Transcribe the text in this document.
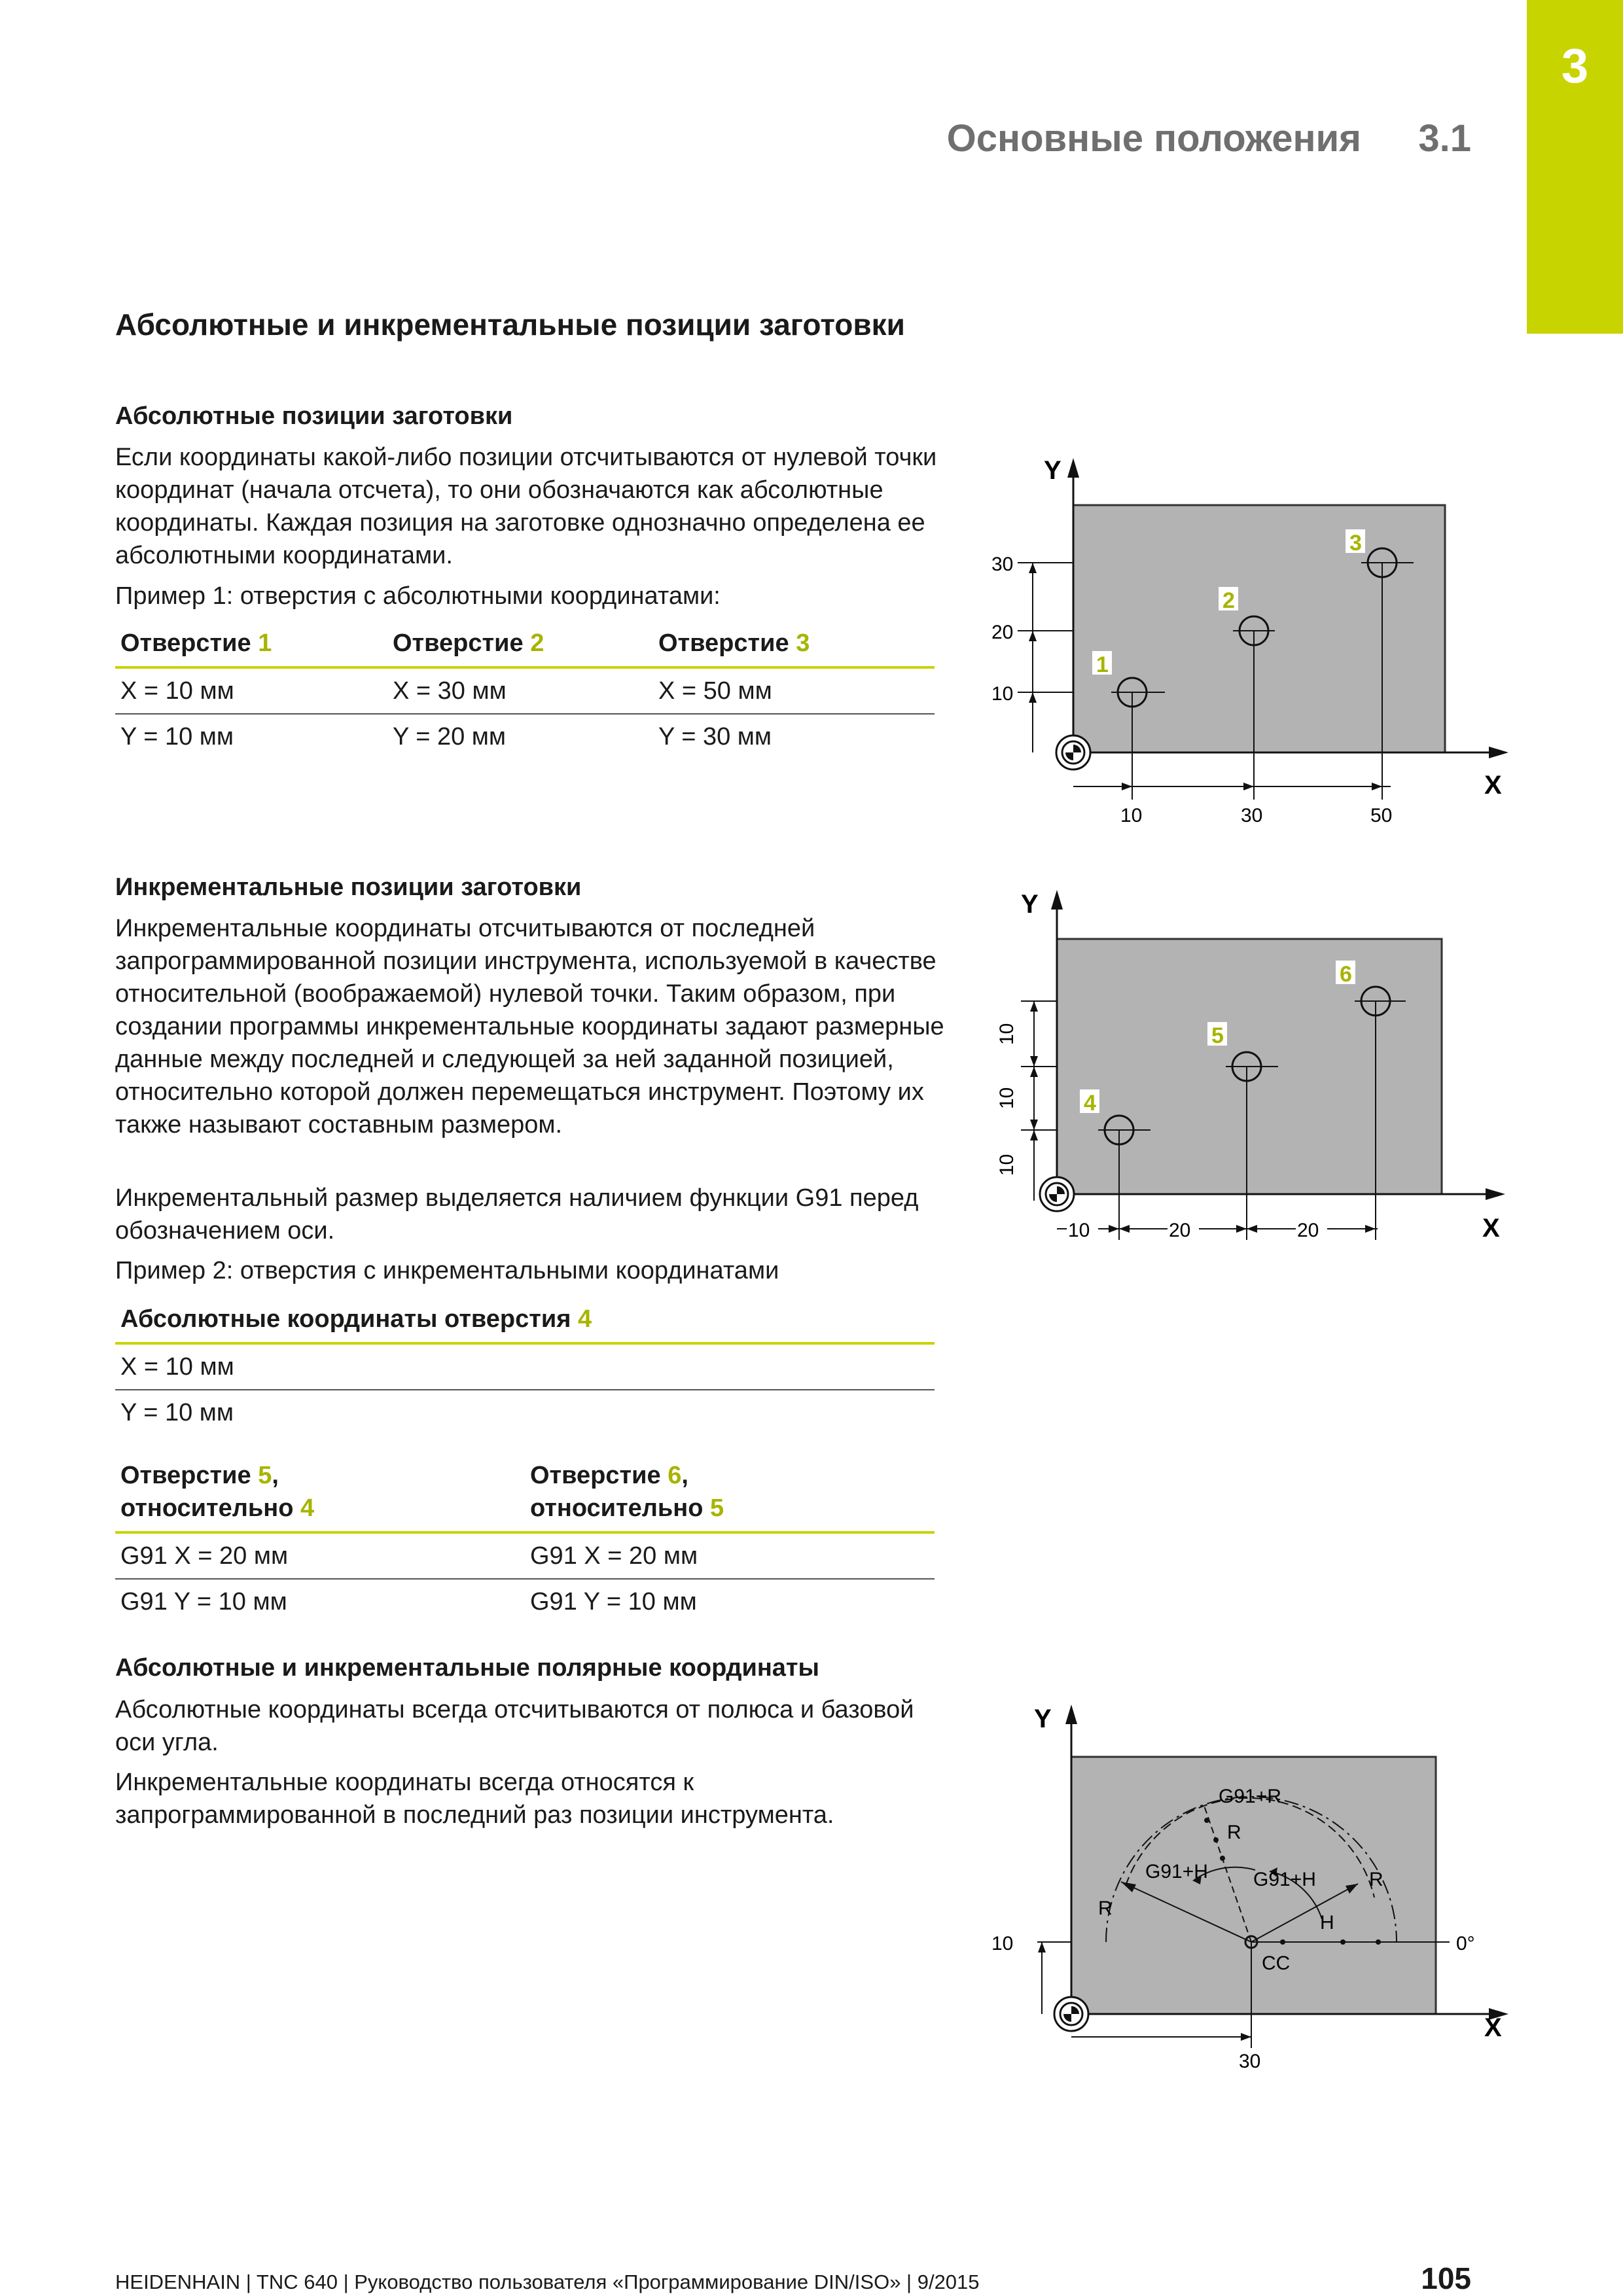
3
Основные положения 3.1
Абсолютные и инкрементальные позиции заготовки
Абсолютные позиции заготовки
Если координаты какой-либо позиции отсчитываются от нулевой точки координат (начала отсчета), то они обозначаются как абсолютные координаты. Каждая позиция на заготовке однозначно определена ее абсолютными координатами.
Пример 1: отверстия с абсолютными координатами:
Отверстие 1	Отверстие 2	Отверстие 3
X = 10 мм	X = 30 мм	X = 50 мм
Y = 10 мм	Y = 20 мм	Y = 30 мм
Инкрементальные позиции заготовки
Инкрементальные координаты отсчитываются от последней запрограммированной позиции инструмента, используемой в качестве относительной (воображаемой) нулевой точки. Таким образом, при создании программы инкрементальные координаты задают размерные данные между последней и следующей за ней заданной позицией, относительно которой должен перемещаться инструмент. Поэтому их также называют составным размером.
Инкрементальный размер выделяется наличием функции G91 перед обозначением оси.
Пример 2: отверстия с инкрементальными координатами
Абсолютные координаты отверстия 4
X = 10 мм
Y = 10 мм
Отверстие 5,
относительно 4	Отверстие 6,
относительно 5
G91 X = 20 мм	G91 X = 20 мм
G91 Y = 10 мм	G91 Y = 10 мм
Абсолютные и инкрементальные полярные координаты
Абсолютные координаты всегда отсчитываются от полюса и базовой оси угла.
Инкрементальные координаты всегда относятся к запрограммированной в последний раз позиции инструмента.
Y
X
30
20
10
10	30	50
1
2
3
Y
X
10
10
10
10	20	20
4
5
6
Y
X
10
30
0°
CC
G91+R
R
G91+H G91+H
R
R
H
HEIDENHAIN | TNC 640 | Руководство пользователя «Программирование DIN/ISO» | 9/2015	105
